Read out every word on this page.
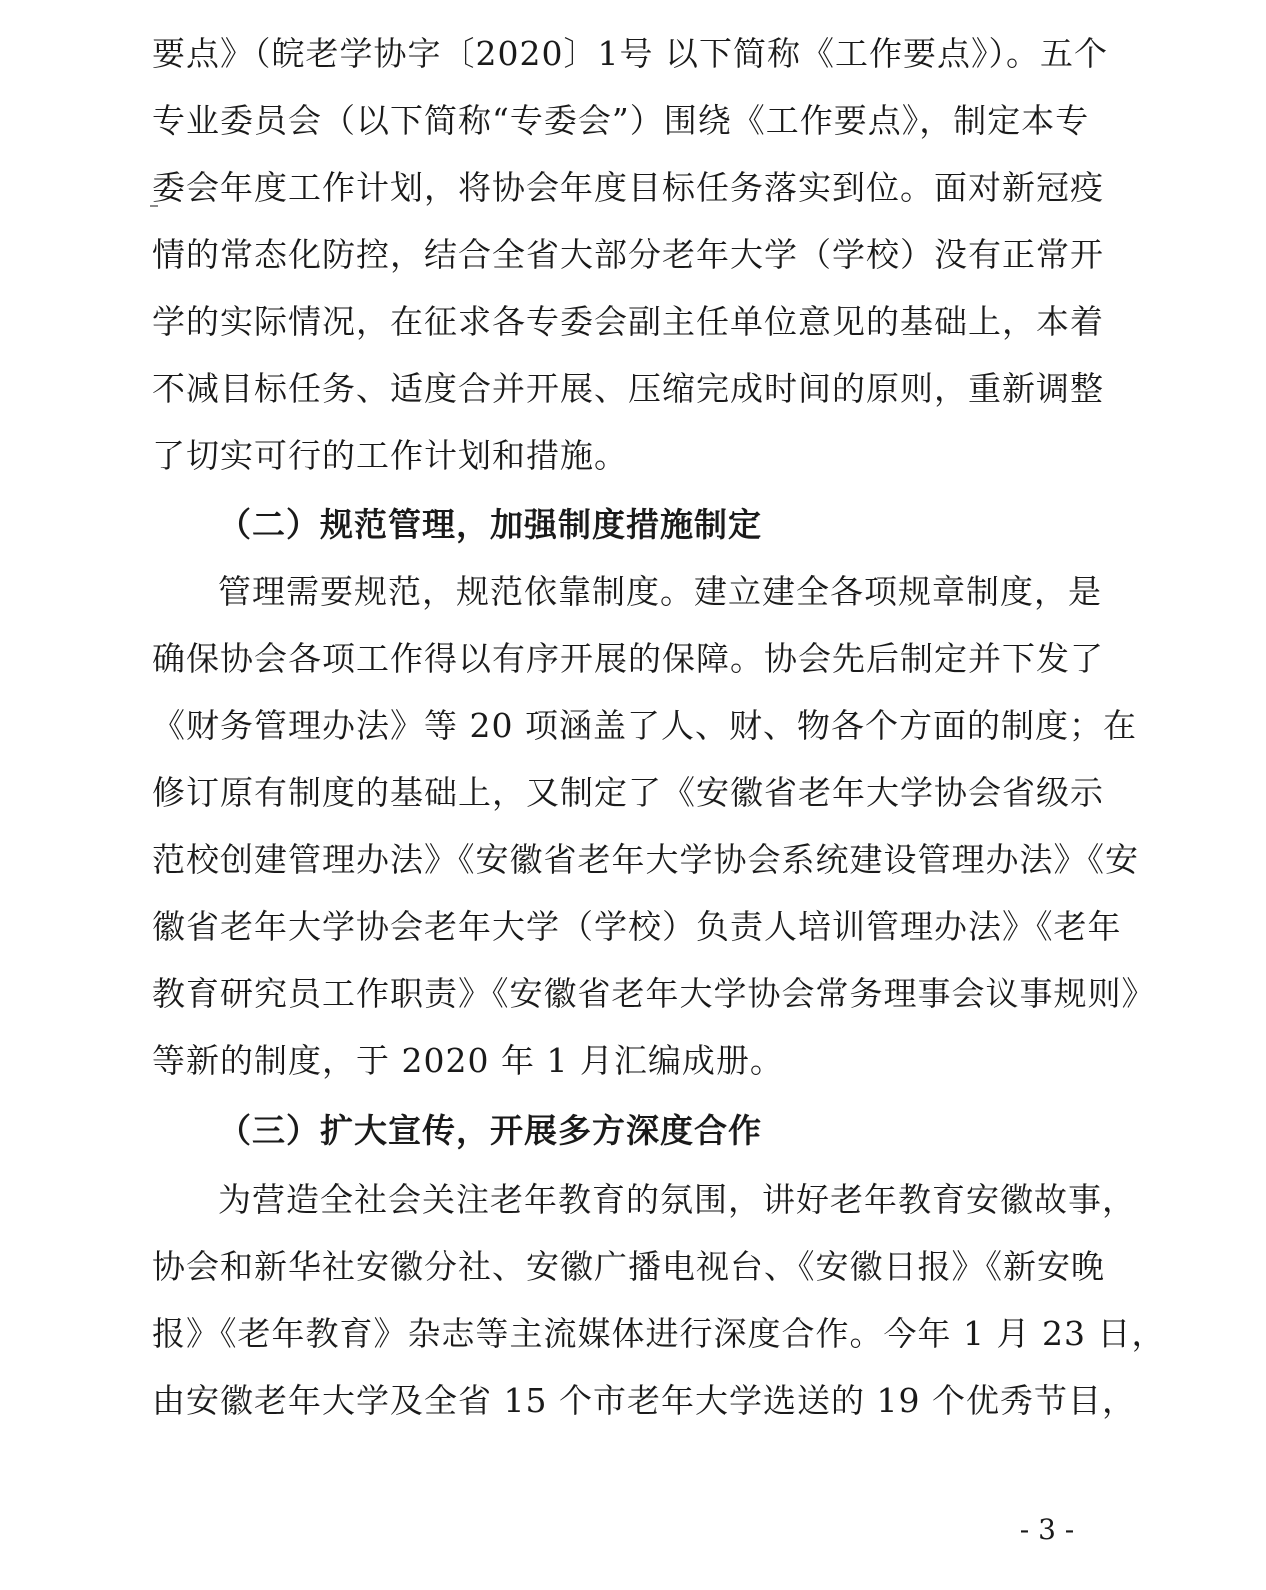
要点》（皖老学协字〔2020〕1号 以下简称《工作要点》）。五个
专业委员会（以下简称“专委会”）围绕《工作要点》，制定本专
委会年度工作计划，将协会年度目标任务落实到位。面对新冠疫
情的常态化防控，结合全省大部分老年大学（学校）没有正常开
学的实际情况，在征求各专委会副主任单位意见的基础上，本着
不减目标任务、适度合并开展、压缩完成时间的原则，重新调整
了切实可行的工作计划和措施。
（二）规范管理，加强制度措施制定
管理需要规范，规范依靠制度。建立建全各项规章制度，是
确保协会各项工作得以有序开展的保障。协会先后制定并下发了
《财务管理办法》等 20 项涵盖了人、财、物各个方面的制度；在
修订原有制度的基础上，又制定了《安徽省老年大学协会省级示
范校创建管理办法》《安徽省老年大学协会系统建设管理办法》《安
徽省老年大学协会老年大学（学校）负责人培训管理办法》《老年
教育研究员工作职责》《安徽省老年大学协会常务理事会议事规则》
等新的制度，于 2020 年 1 月汇编成册。
（三）扩大宣传，开展多方深度合作
为营造全社会关注老年教育的氛围，讲好老年教育安徽故事，
协会和新华社安徽分社、安徽广播电视台、《安徽日报》《新安晚
报》《老年教育》杂志等主流媒体进行深度合作。今年 1 月 23 日，
由安徽老年大学及全省 15 个市老年大学选送的 19 个优秀节目，
- 3 -
